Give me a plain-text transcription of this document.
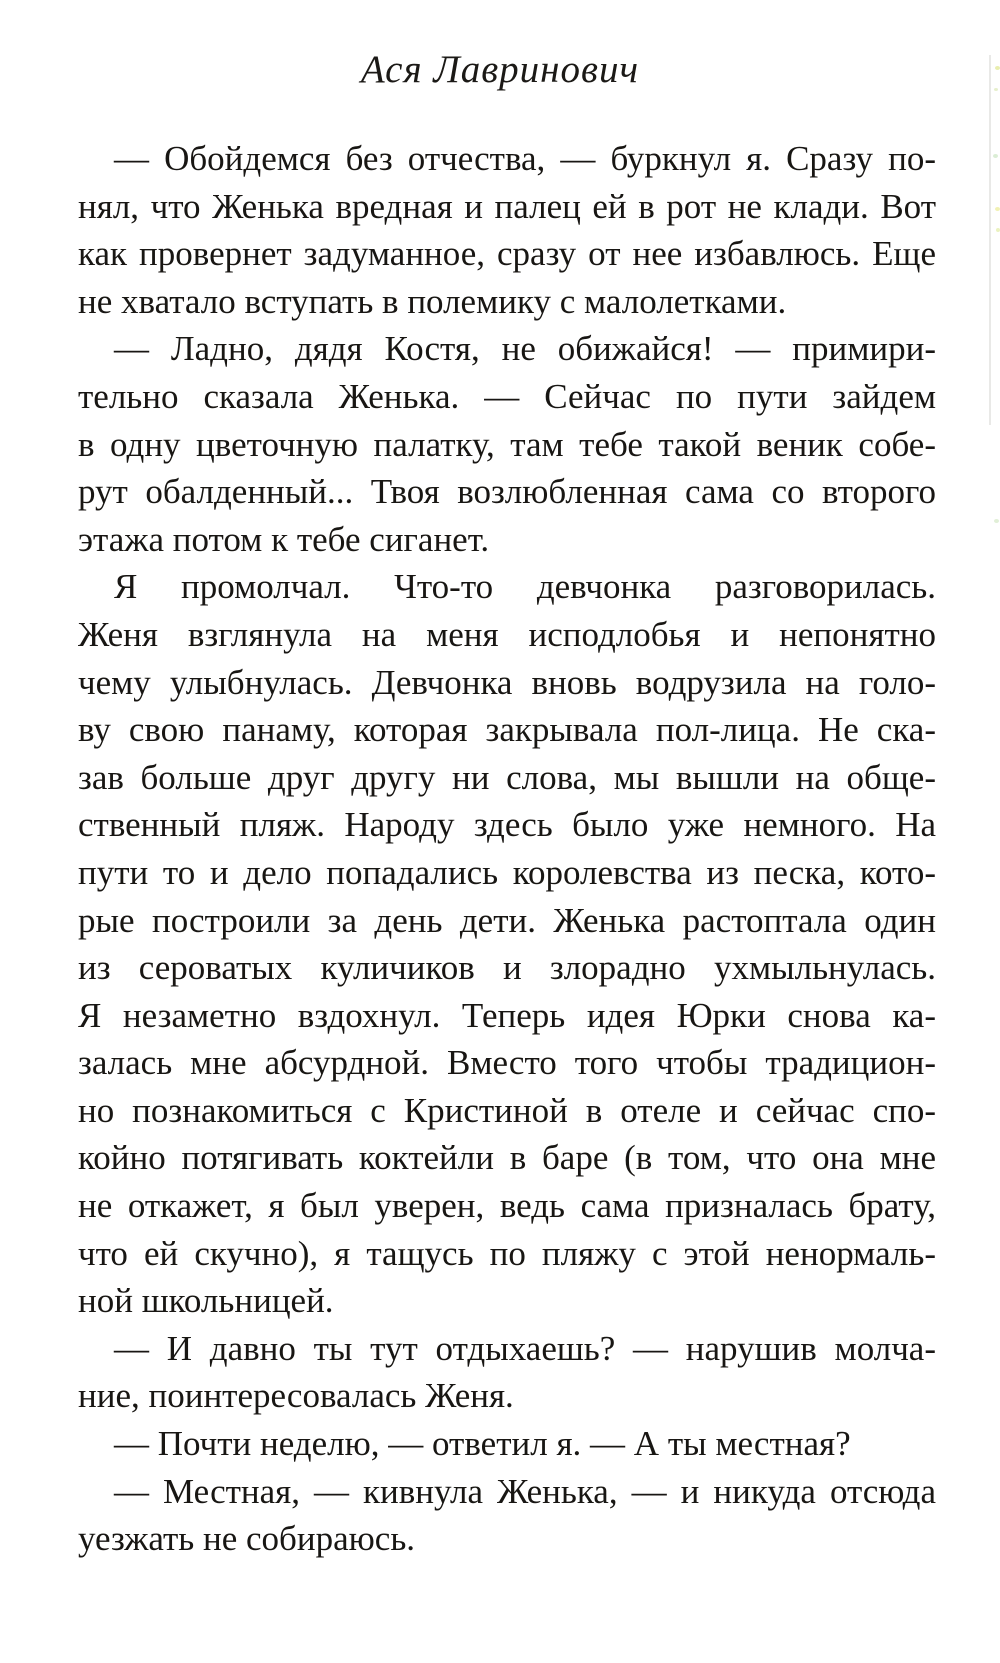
Ася Лавринович
— Обойдемся без отчества, — буркнул я. Сразу по-
нял, что Женька вредная и палец ей в рот не клади. Вот
как провернет задуманное, сразу от нее избавлюсь. Еще
не хватало вступать в полемику с малолетками.
— Ладно, дядя Костя, не обижайся! — примири-
тельно сказала Женька. — Сейчас по пути зайдем
в одну цветочную палатку, там тебе такой веник собе-
рут обалденный... Твоя возлюбленная сама со второго
этажа потом к тебе сиганет.
Я промолчал. Что-то девчонка разговорилась.
Женя взглянула на меня исподлобья и непонятно
чему улыбнулась. Девчонка вновь водрузила на голо-
ву свою панаму, которая закрывала пол-лица. Не ска-
зав больше друг другу ни слова, мы вышли на обще-
ственный пляж. Народу здесь было уже немного. На
пути то и дело попадались королевства из песка, кото-
рые построили за день дети. Женька растоптала один
из сероватых куличиков и злорадно ухмыльнулась.
Я незаметно вздохнул. Теперь идея Юрки снова ка-
залась мне абсурдной. Вместо того чтобы традицион-
но познакомиться с Кристиной в отеле и сейчас спо-
койно потягивать коктейли в баре (в том, что она мне
не откажет, я был уверен, ведь сама призналась брату,
что ей скучно), я тащусь по пляжу с этой ненормаль-
ной школьницей.
— И давно ты тут отдыхаешь? — нарушив молча-
ние, поинтересовалась Женя.
— Почти неделю, — ответил я. — А ты местная?
— Местная, — кивнула Женька, — и никуда отсюда
уезжать не собираюсь.
